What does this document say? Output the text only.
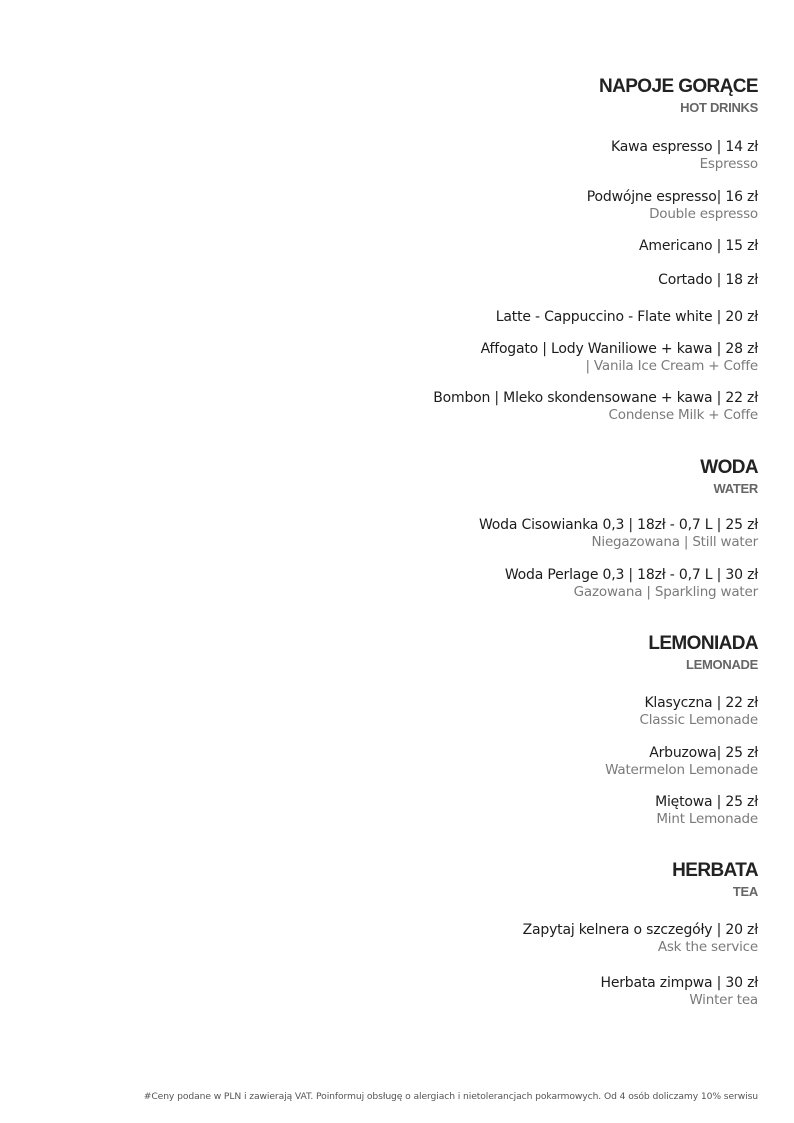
NAPOJE GORĄCE
HOT DRINKS
Kawa espresso | 14 zł
Espresso
Podwójne espresso| 16 zł
Double espresso
Americano | 15 zł
Cortado | 18 zł
Latte - Cappuccino - Flate white | 20 zł
Affogato | Lody Waniliowe + kawa | 28 zł
| Vanila Ice Cream + Coffe
Bombon | Mleko skondensowane + kawa | 22 zł
Condense Milk + Coffe
WODA
WATER
Woda Cisowianka 0,3 | 18zł - 0,7 L | 25 zł
Niegazowana | Still water
Woda Perlage 0,3 | 18zł - 0,7 L | 30 zł
Gazowana | Sparkling water
LEMONIADA
LEMONADE
Klasyczna | 22 zł
Classic Lemonade
Arbuzowa| 25 zł
Watermelon Lemonade
Miętowa | 25 zł
Mint Lemonade
HERBATA
TEA
Zapytaj kelnera o szczegóły | 20 zł
Ask the service
Herbata zimpwa | 30 zł
Winter tea
#Ceny podane w PLN i zawierają VAT. Poinformuj obsługę o alergiach i nietolerancjach pokarmowych. Od 4 osób doliczamy 10% serwisu
